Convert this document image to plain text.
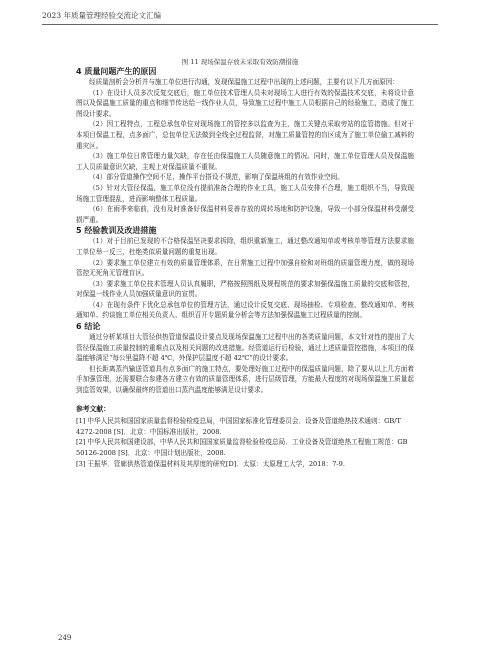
2023 年质量管理经验交流论文汇编
图 11 现场保温存放未采取有效防潮措施
4 质量问题产生的原因

经质量剖析会分析并与施工单位进行沟通，发现保温施工过程中出现的上述问题，主要有以下几方面原因：

（1）在设计人员多次反复交底后，施工单位技术管理人员未对现场工人进行有效的保温技术交底，未将设计意图以及保温施工质量的重点和细节传达给一线作业人员，导致施工过程中施工人员根据自己的经验施工，造成了施工图设计要求。

（2）因工程特点，工程总承包单位对现场施工的管控多以监查为主，施工关键点采取旁站的监管措施。但对于本项目保温工程，点多面广，总包单位无法做到全线全过程监督，对施工质量管控的盲区成为了施工单位偷工减料的重灾区。

（3）施工单位日常管理力量欠缺，存在任由保温施工人员随意施工的情况。同时，施工单位管理人员及保温施工人员质量意识欠缺，主观上对保温质量不重视。

（4）部分管道操作空间不足，操作平台搭设不规范，影响了保温班组的有效作业空间。

（5）针对大管径保温，施工单位没有提前准备合理的作业工具，施工人员安排不合理，施工组织不当，导致现场施工管理混乱，进而影响整体工程质量。

（6）在雨季来临前，没有及时准备好保温材料妥善存放的周转场地和防护设施，导致一小部分保温材料受潮受损严重。

5 经验教训及改进措施

（1）对于目前已发现的不合格保温坚决要求拆除，组织重新施工，通过整改通知单或考核单等管理方法要求施工单位举一反三，杜绝类似质量问题的重复出现。

（2）要求施工单位建立有效的质量管理体系，在日常施工过程中加强自检和对班组的质量管理力度，做的现场管控无死角无管理盲区。

（3）要求施工单位技术管理人员认真履职，严格按照图纸及规程规范的要求加强保温施工质量的交底和管控，对保温一线作业人员加强质量意识的宣贯。

（4）在现有条件下优化总承包单位的管理方法，通过设计反复交底、现场抽检、专项检查、整改通知单、考核通知单、约谈施工单位相关负责人、组织召开专题质量分析会等方法加强保温施工过程质量的控制。

6 结论

通过分析某项目大管径供热管道保温设计要点及现场保温施工过程中出的各类质量问题，本文针对性的提出了大管径保温施工质量控制的重难点以及相关问题的改进措施。经管道运行后检验，通过上述质量管控措施，本项目的保温能够满足“每公里温降不超 4℃，外保护层温度不超 42℃”的设计要求。

但长距离蒸汽输送管道具有点多面广的施工特点，要处理好施工过程中的保温质量问题，除了要从以上几方面着手加强管理，还需要联合参建各方建立有效的质量管理体系，进行层级管理，方能最大程度的对现场保温施工质量起到监管效果，以确保最终的管道出口蒸汽温度能够满足设计要求。

参考文献：

[1] 中华人民共和国国家质量监督检验检疫总局，中国国家标准化管理委员会．设备及管道绝热技术通则：GB/T 4272-2008 [S]．北京：中国标准出版社，2008.

[2] 中华人民共和国建设部，中华人民共和国国家质量监督检验检疫总局．工业设备及管道绝热工程施工规范：GB 50126-2008 [S]．北京：中国计划出版社，2008.

[3] 王振华．管廊供热管道保温材料及其厚度的研究[D]．太原：太原理工大学，2018：7-9.

249
